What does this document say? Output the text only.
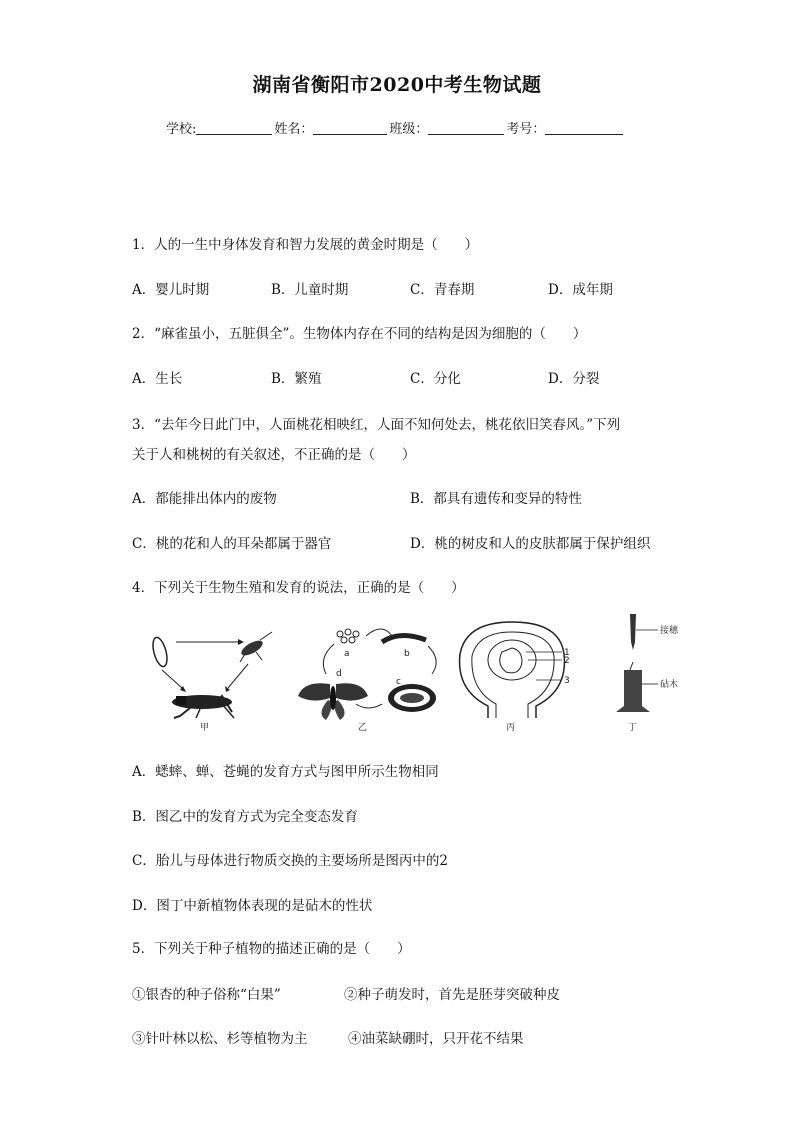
湖南省衡阳市2020中考生物试题
学校:	姓名：	班级：	考号：
1．人的一生中身体发育和智力发展的黄金时期是（　　）
A．婴儿时期	B．儿童时期	C．青春期	D．成年期
2．“麻雀虽小，五脏俱全”。生物体内存在不同的结构是因为细胞的（　　）
A．生长	B．繁殖	C．分化	D．分裂
3．“去年今日此门中，人面桃花相映红，人面不知何处去，桃花依旧笑春风。”下列
关于人和桃树的有关叙述，不正确的是（　　）
A．都能排出体内的废物	B．都具有遗传和变异的特性
C．桃的花和人的耳朵都属于器官	D．桃的树皮和人的皮肤都属于保护组织
4．下列关于生物生殖和发育的说法，正确的是（　　）
甲
a	b
c
d
乙
1
2
3
丙
接穗
砧木
丁
A．蟋蟀、蝉、苍蝇的发育方式与图甲所示生物相同
B．图乙中的发育方式为完全变态发育
C．胎儿与母体进行物质交换的主要场所是图丙中的2
D．图丁中新植物体表现的是砧木的性状
5．下列关于种子植物的描述正确的是（　　）
①银杏的种子俗称“白果”	②种子萌发时，首先是胚芽突破种皮
③针叶林以松、杉等植物为主	④油菜缺硼时，只开花不结果
